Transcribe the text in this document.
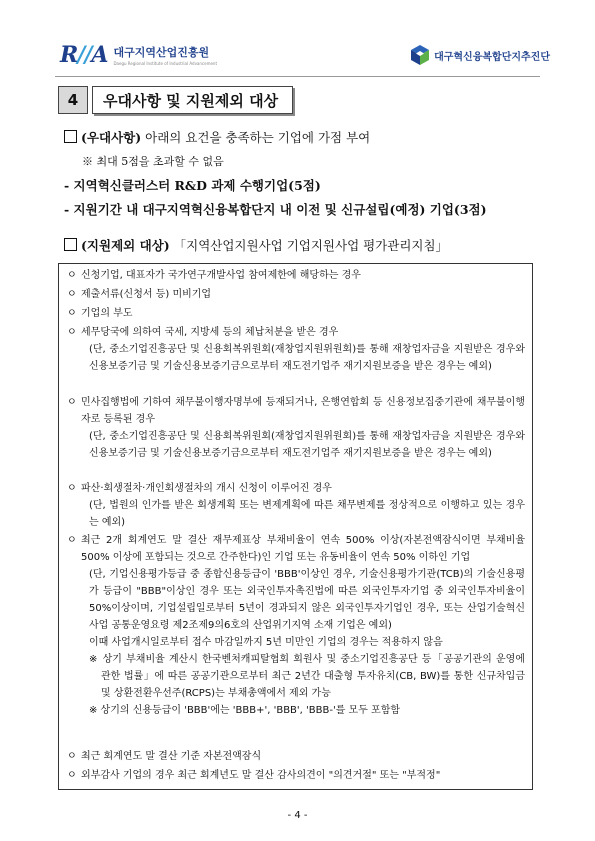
R//A 대구지역산업진흥원
Daegu Regional Institute of Industrial Advancement
대구혁신융복합단지추진단
4	우대사항 및 지원제외 대상
(우대사항) 아래의 요건을 충족하는 기업에 가점 부여
※ 최대 5점을 초과할 수 없음
- 지역혁신클러스터 R&D 과제 수행기업(5점)
- 지원기간 내 대구지역혁신융복합단지 내 이전 및 신규설립(예정) 기업(3점)
(지원제외 대상) 「지역산업지원사업 기업지원사업 평가관리지침」
ㅇ 신청기업, 대표자가 국가연구개발사업 참여제한에 해당하는 경우
ㅇ 제출서류(신청서 등) 미비기업
ㅇ 기업의 부도
ㅇ 세무당국에 의하여 국세, 지방세 등의 체납처분을 받은 경우
(단, 중소기업진흥공단 및 신용회복위원회(재창업지원위원회)를 통해 재창업자금을 지원받은 경우와 신용보증기금 및 기술신용보증기금으로부터 재도전기업주 재기지원보증을 받은 경우는 예외)
ㅇ 민사집행법에 기하여 채무불이행자명부에 등재되거나, 은행연합회 등 신용정보집중기관에 채무불이행자로 등록된 경우
(단, 중소기업진흥공단 및 신용회복위원회(재창업지원위원회)를 통해 재창업자금을 지원받은 경우와 신용보증기금 및 기술신용보증기금으로부터 재도전기업주 재기지원보증을 받은 경우는 예외)
ㅇ 파산·회생절차·개인회생절차의 개시 신청이 이루어진 경우
(단, 법원의 인가를 받은 회생계획 또는 변제계획에 따른 채무변제를 정상적으로 이행하고 있는 경우는 예외)
ㅇ 최근 2개 회계연도 말 결산 재무제표상 부채비율이 연속 500% 이상(자본전액잠식이면 부채비율 500% 이상에 포함되는 것으로 간주한다)인 기업 또는 유동비율이 연속 50% 이하인 기업
(단, 기업신용평가등급 중 종합신용등급이 'BBB'이상인 경우, 기술신용평가기관(TCB)의 기술신용평가 등급이 "BBB"이상인 경우 또는 외국인투자촉진법에 따른 외국인투자기업 중 외국인투자비율이 50%이상이며, 기업설립일로부터 5년이 경과되지 않은 외국인투자기업인 경우, 또는 산업기술혁신사업 공통운영요령 제2조제9의6호의 산업위기지역 소재 기업은 예외)
이때 사업개시일로부터 접수 마감일까지 5년 미만인 기업의 경우는 적용하지 않음
※ 상기 부채비율 계산시 한국벤처캐피탈협회 회원사 및 중소기업진흥공단 등「공공기관의 운영에 관한 법률」에 따른 공공기관으로부터 최근 2년간 대출형 투자유치(CB, BW)를 통한 신규차입금 및 상환전환우선주(RCPS)는 부채총액에서 제외 가능
※ 상기의 신용등급이 'BBB'에는 'BBB+', 'BBB', 'BBB-'를 모두 포함함
ㅇ 최근 회계연도 말 결산 기준 자본전액잠식
ㅇ 외부감사 기업의 경우 최근 회계년도 말 결산 감사의견이 "의견거절" 또는 "부적정"
- 4 -
